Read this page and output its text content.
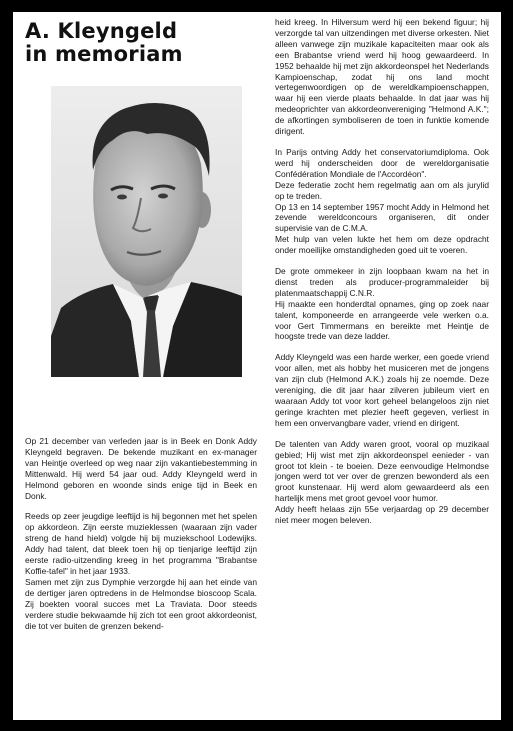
A. Kleyngeld
in memoriam

Op 21 december van verleden jaar is in Beek en Donk Addy Kleyngeld begraven. De bekende muzikant en ex-manager van Heintje overleed op weg naar zijn vakantiebestemming in Mittenwald. Hij werd 54 jaar oud. Addy Kleyngeld werd in Helmond geboren en woonde sinds enige tijd in Beek en Donk.

Reeds op zeer jeugdige leeftijd is hij begonnen met het spelen op akkordeon. Zijn eerste muzieklessen (waaraan zijn vader streng de hand hield) volgde hij bij muziekschool Lodewijks. Addy had talent, dat bleek toen hij op tienjarige leeftijd zijn eerste radio-uitzending kreeg in het programma "Brabantse Koffie-tafel" in het jaar 1933.

Samen met zijn zus Dymphie verzorgde hij aan het einde van de dertiger jaren optredens in de Helmondse bioscoop Scala. Zij boekten vooral succes met La Traviata. Door steeds verdere studie bekwaamde hij zich tot een groot akkordeonist, die tot ver buiten de grenzen bekend-

heid kreeg. In Hilversum werd hij een bekend figuur; hij verzorgde tal van uitzendingen met diverse orkesten. Niet alleen vanwege zijn muzikale kapaciteiten maar ook als een Brabantse vriend werd hij hoog gewaardeerd. In 1952 behaalde hij met zijn akkordeonspel het Nederlands Kampioenschap, zodat hij ons land mocht vertegenwoordigen op de wereldkampioenschappen, waar hij een vierde plaats behaalde. In dat jaar was hij medeoprichter van akkordeonvereniging "Helmond A.K."; de afkortingen symboliseren de toen in funktie komende dirigent.

In Parijs ontving Addy het conservatoriumdiploma. Ook werd hij onderscheiden door de wereldorganisatie Confédération Mondiale de l'Accordéon".

Deze federatie zocht hem regelmatig aan om als jurylid op te treden.

Op 13 en 14 september 1957 mocht Addy in Helmond het zevende wereldconcours organiseren, dit onder supervisie van de C.M.A.

Met hulp van velen lukte het hem om deze opdracht onder moeilijke omstandigheden goed uit te voeren.

De grote ommekeer in zijn loopbaan kwam na het in dienst treden als producer-programmaleider bij platenmaatschappij C.N.R.

Hij maakte een honderdtal opnames, ging op zoek naar talent, komponeerde en arrangeerde vele werken o.a. voor Gert Timmermans en bereikte met Heintje de hoogste trede van deze ladder.

Addy Kleyngeld was een harde werker, een goede vriend voor allen, met als hobby het musiceren met de jongens van zijn club (Helmond A.K.) zoals hij ze noemde. Deze vereniging, die dit jaar haar zilveren jubileum viert en waaraan Addy tot voor kort geheel belangeloos zijn niet geringe krachten met plezier heeft gegeven, verliest in hem een onvervangbare vader, vriend en dirigent.

De talenten van Addy waren groot, vooral op muzikaal gebied; Hij wist met zijn akkordeonspel eenieder - van groot tot klein - te boeien. Deze eenvoudige Helmondse jongen werd tot ver over de grenzen bewonderd als een groot kunstenaar. Hij werd alom gewaardeerd als een hartelijk mens met groot gevoel voor humor.

Addy heeft helaas zijn 55e verjaardag op 29 december niet meer mogen beleven.
